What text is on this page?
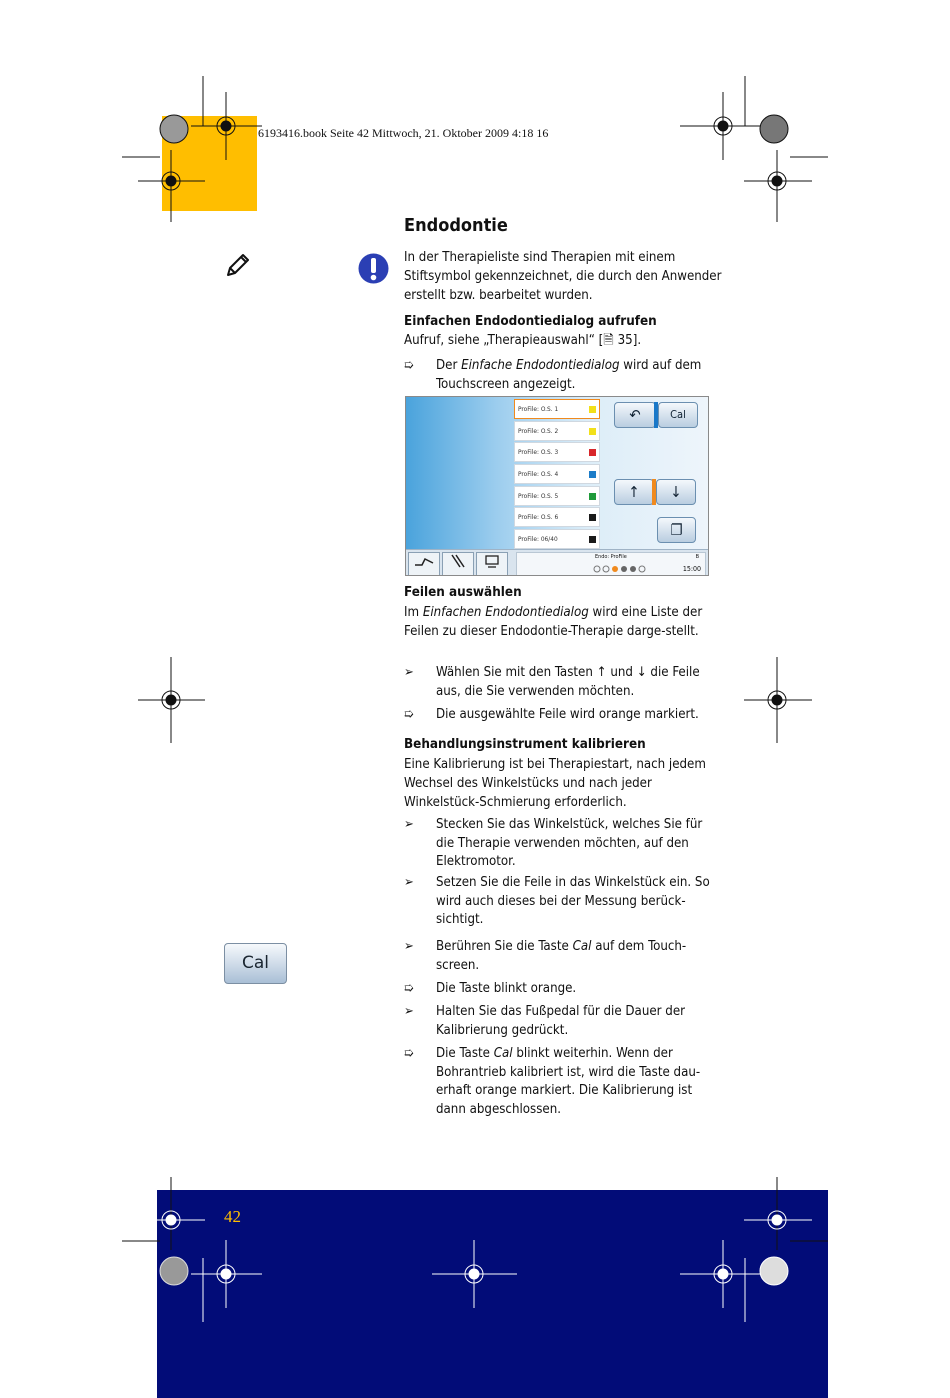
6193416.book Seite 42 Mittwoch, 21. Oktober 2009 4:18 16
42
Cal
Endodontie
In der Therapieliste sind Therapien mit einem Stiftsymbol gekennzeichnet, die durch den Anwender erstellt bzw. bearbeitet wurden.
Einfachen Endodontiedialog aufrufen
Aufruf, siehe „Therapieauswahl“ [🗎 35].
➯	Der Einfache Endodontiedialog wird auf dem Touchscreen angezeigt.
ProFile: O.S. 1
ProFile: O.S. 2
ProFile: O.S. 3
ProFile: O.S. 4
ProFile: O.S. 5
ProFile: O.S. 6
ProFile: 06/40
↶	Cal
↑	↓
❐
Endo: ProFile	B
15:00
Feilen auswählen
Im Einfachen Endodontiedialog wird eine Liste der Feilen zu dieser Endodontie-Therapie darge-stellt.
➢	Wählen Sie mit den Tasten ↑ und ↓ die Feile aus, die Sie verwenden möchten.
➯	Die ausgewählte Feile wird orange markiert.
Behandlungsinstrument kalibrieren
Eine Kalibrierung ist bei Therapiestart, nach jedem Wechsel des Winkelstücks und nach jeder Winkelstück-Schmierung erforderlich.
➢	Stecken Sie das Winkelstück, welches Sie für die Therapie verwenden möchten, auf den Elektromotor.
➢	Setzen Sie die Feile in das Winkelstück ein. So wird auch dieses bei der Messung berück-sichtigt.
➢	Berühren Sie die Taste Cal auf dem Touch-screen.
➯	Die Taste blinkt orange.
➢	Halten Sie das Fußpedal für die Dauer der Kalibrierung gedrückt.
➯	Die Taste Cal blinkt weiterhin. Wenn der Bohrantrieb kalibriert ist, wird die Taste dau-erhaft orange markiert. Die Kalibrierung ist dann abgeschlossen.
